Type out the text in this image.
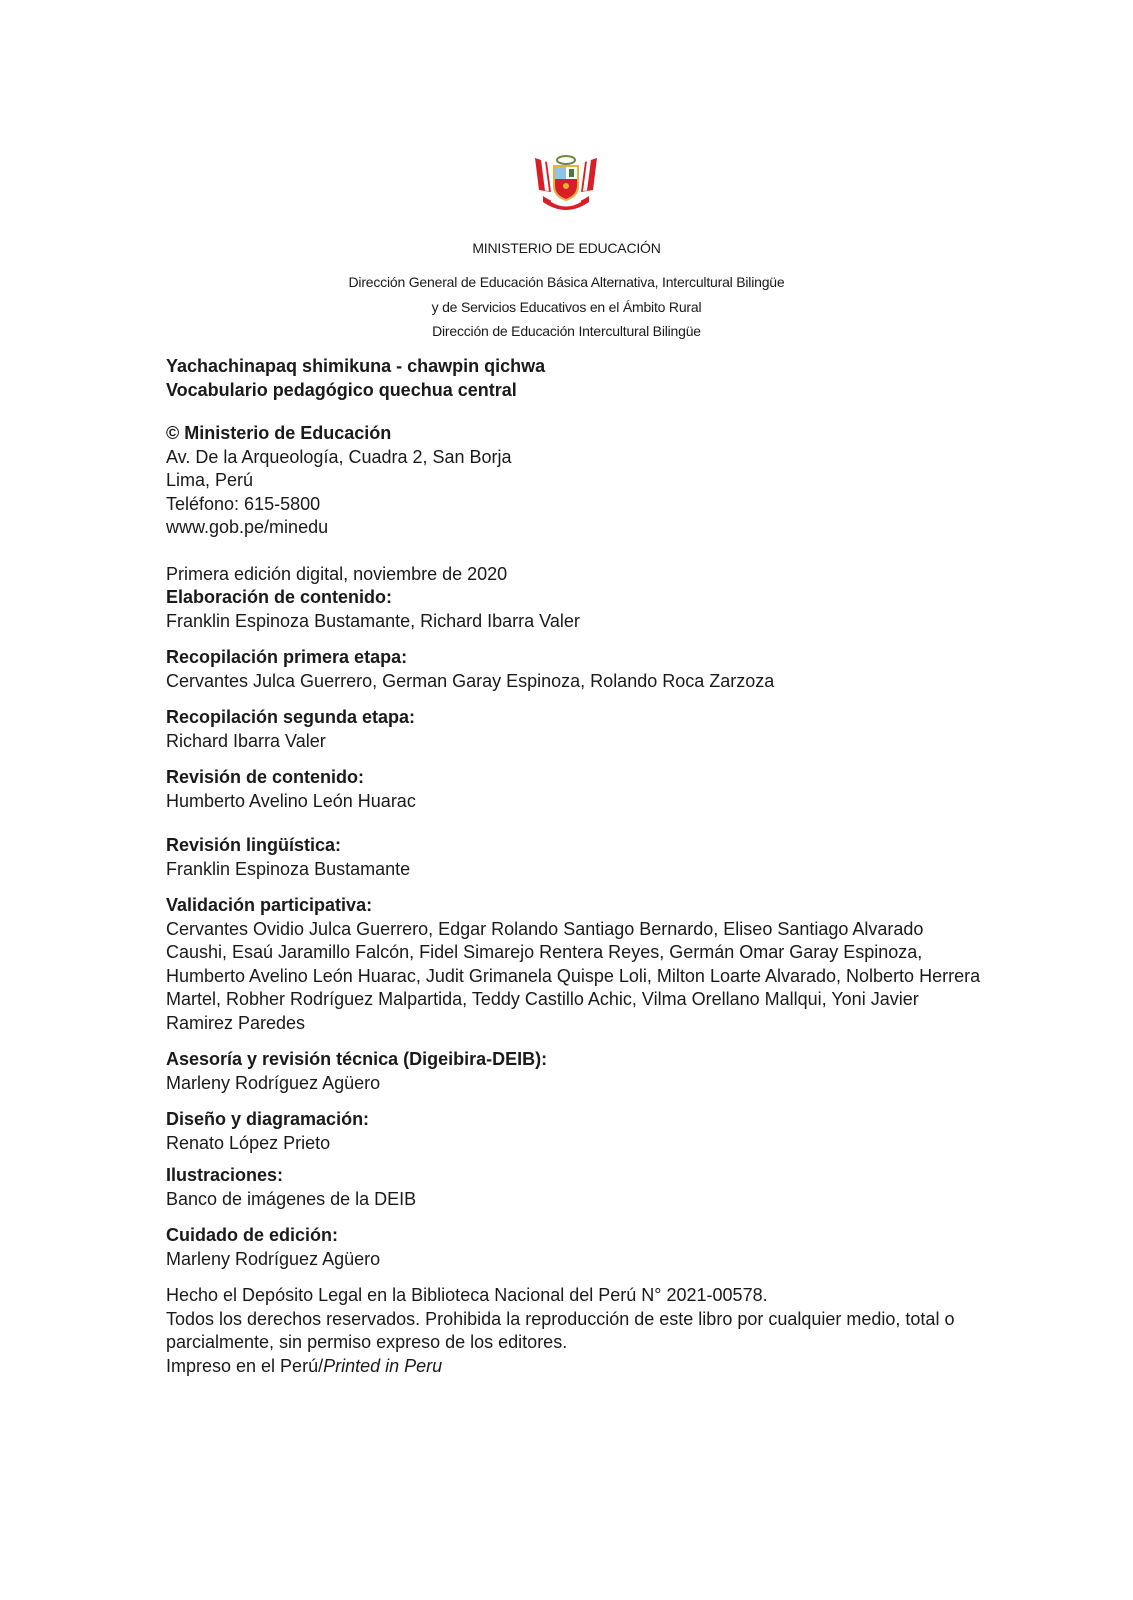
MINISTERIO DE EDUCACIÓN
Dirección General de Educación Básica Alternativa, Intercultural Bilingüe
y de Servicios Educativos en el Ámbito Rural
Dirección de Educación Intercultural Bilingüe

Yachachinapaq shimikuna - chawpin qichwa

Vocabulario pedagógico quechua central

© Ministerio de Educación

Av. De la Arqueología, Cuadra 2, San Borja

Lima, Perú

Teléfono: 615-5800

www.gob.pe/minedu

Primera edición digital, noviembre de 2020

Elaboración de contenido:

Franklin Espinoza Bustamante, Richard Ibarra Valer

Recopilación primera etapa:

Cervantes Julca Guerrero, German Garay Espinoza, Rolando Roca Zarzoza

Recopilación segunda etapa:

Richard Ibarra Valer

Revisión de contenido:

Humberto Avelino León Huarac

Revisión lingüística:

Franklin Espinoza Bustamante

Validación participativa:

Cervantes Ovidio Julca Guerrero, Edgar Rolando Santiago Bernardo, Eliseo Santiago Alvarado Caushi, Esaú Jaramillo Falcón, Fidel Simarejo Rentera Reyes, Germán Omar Garay Espinoza, Humberto Avelino León Huarac, Judit Grimanela Quispe Loli, Milton Loarte Alvarado, Nolberto Herrera Martel, Robher Rodríguez Malpartida, Teddy Castillo Achic, Vilma Orellano Mallqui, Yoni Javier Ramirez Paredes

Asesoría y revisión técnica (Digeibira-DEIB):

Marleny Rodríguez Agüero

Diseño y diagramación:

Renato López Prieto

Ilustraciones:

Banco de imágenes de la DEIB

Cuidado de edición:

Marleny Rodríguez Agüero

Hecho el Depósito Legal en la Biblioteca Nacional del Perú N° 2021-00578.

Todos los derechos reservados. Prohibida la reproducción de este libro por cualquier medio, total o parcialmente, sin permiso expreso de los editores.

Impreso en el Perú/Printed in Peru
